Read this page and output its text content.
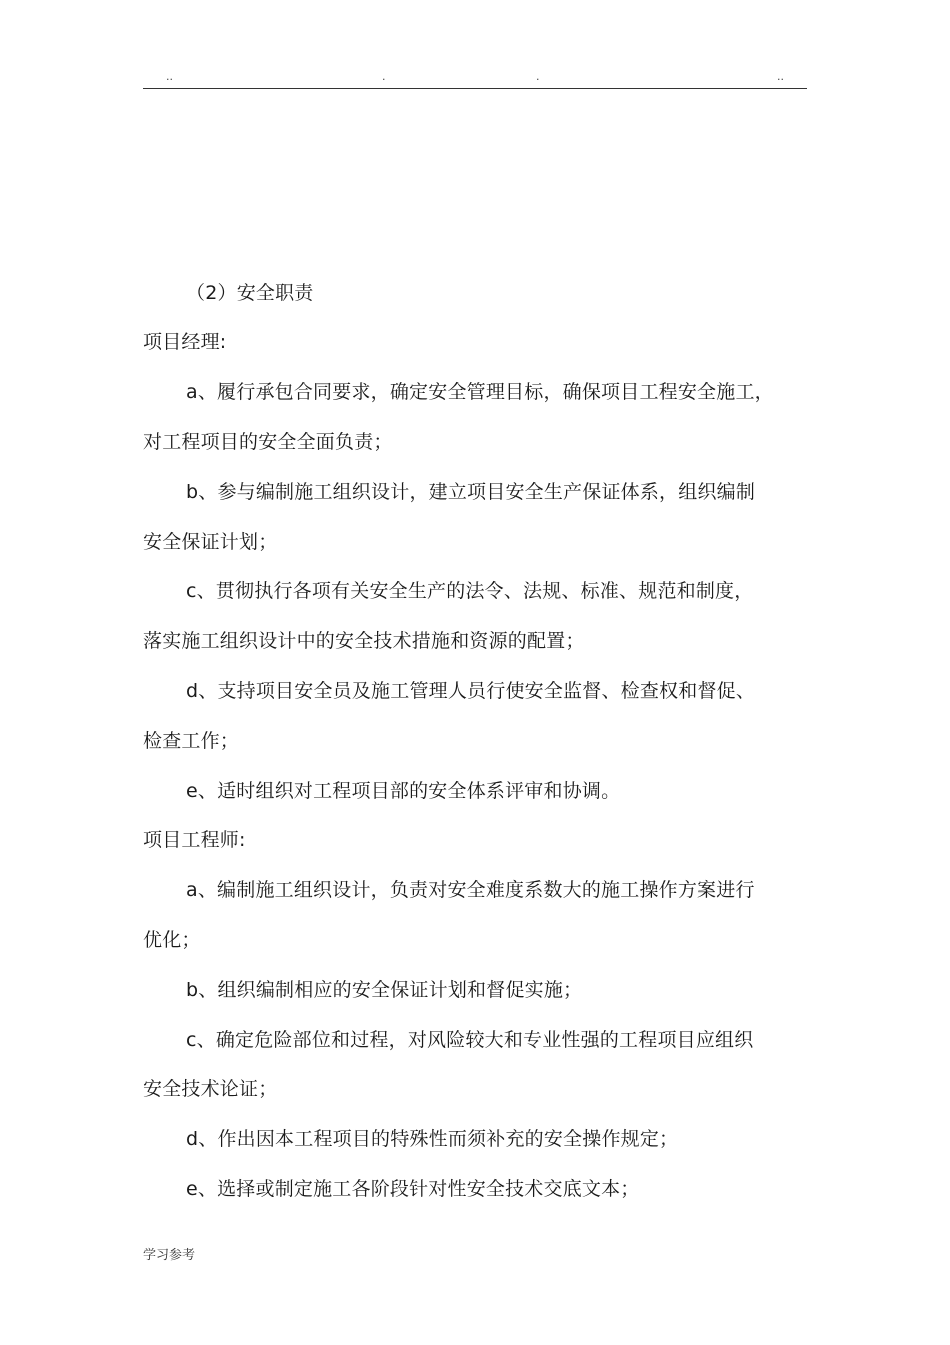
..	.	.	..
（2）安全职责
项目经理:
a、履行承包合同要求，确定安全管理目标，确保项目工程安全施工，
对工程项目的安全全面负责；
b、参与编制施工组织设计，建立项目安全生产保证体系，组织编制
安全保证计划；
c、贯彻执行各项有关安全生产的法令、法规、标准、规范和制度，
落实施工组织设计中的安全技术措施和资源的配置；
d、支持项目安全员及施工管理人员行使安全监督、检查权和督促、
检查工作；
e、适时组织对工程项目部的安全体系评审和协调。
项目工程师:
a、编制施工组织设计，负责对安全难度系数大的施工操作方案进行
优化；
b、组织编制相应的安全保证计划和督促实施；
c、确定危险部位和过程，对风险较大和专业性强的工程项目应组织
安全技术论证；
d、作出因本工程项目的特殊性而须补充的安全操作规定；
e、选择或制定施工各阶段针对性安全技术交底文本；
学习参考
